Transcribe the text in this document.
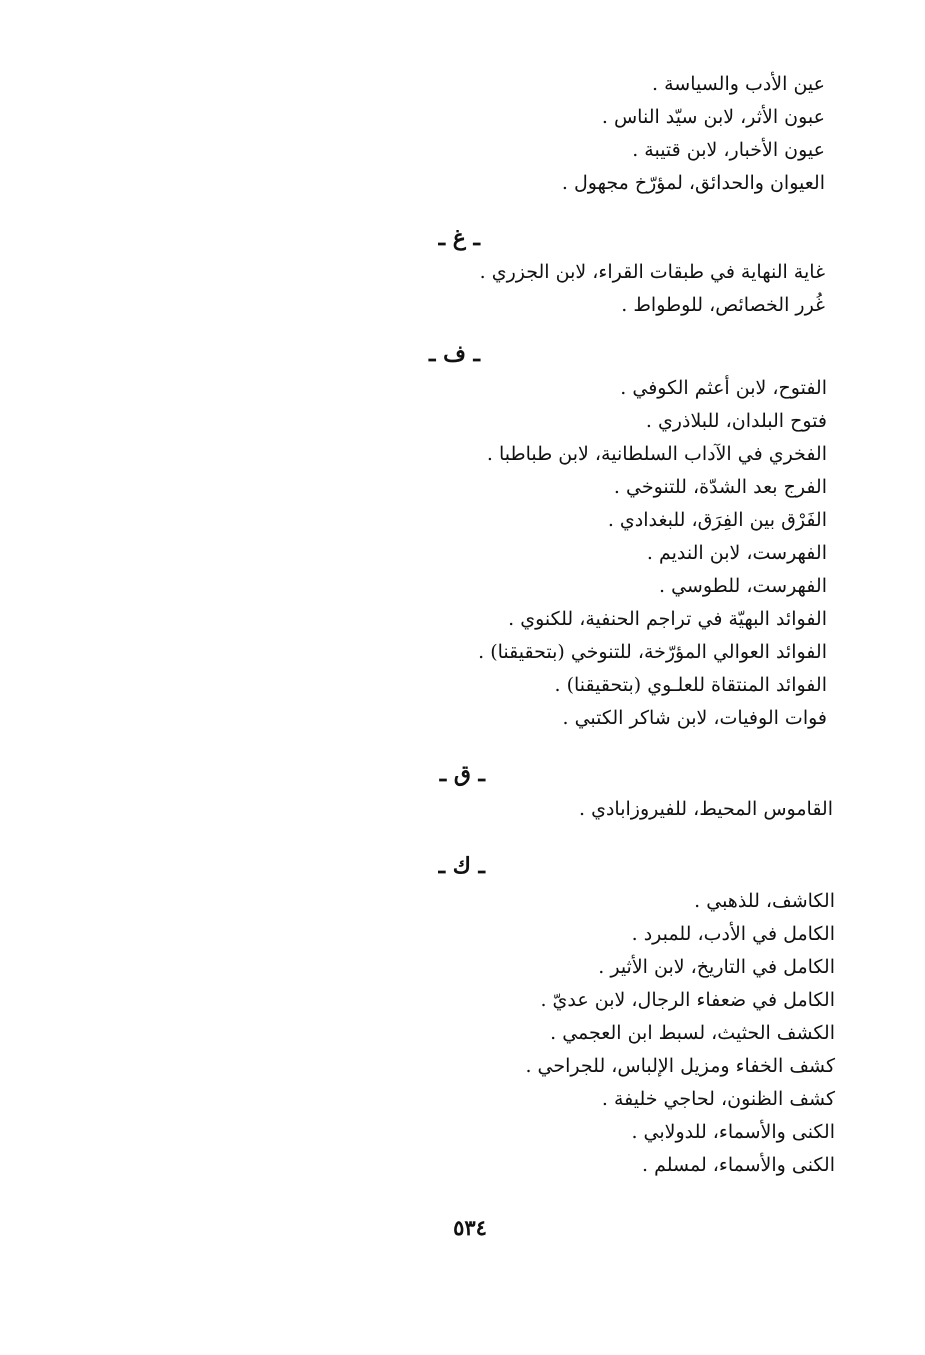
عين الأدب والسياسة .
عبون الأثر، لابن سيّد الناس .
عيون الأخبار، لابن قتيبة .
العيوان والحدائق، لمؤرّخ مجهول .
ـ غ ـ
غاية النهاية في طبقات القراء، لابن الجزري .
غُرر الخصائص، للوطواط .
ـ ف ـ
الفتوح، لابن أعثم الكوفي .
فتوح البلدان، للبلاذري .
الفخري في الآداب السلطانية، لابن طباطبا .
الفرج بعد الشدّة، للتنوخي .
الفَرْق بين الفِرَق، للبغدادي .
الفهرست، لابن النديم .
الفهرست، للطوسي .
الفوائد البهيّة في تراجم الحنفية، للكنوي .
الفوائد العوالي المؤرّخة، للتنوخي (بتحقيقنا) .
الفوائد المنتقاة للعلـوي (بتحقيقنا) .
فوات الوفيات، لابن شاكر الكتبي .
ـ ق ـ
القاموس المحيط، للفيروزابادي .
ـ ك ـ
الكاشف، للذهبي .
الكامل في الأدب، للمبرد .
الكامل في التاريخ، لابن الأثير .
الكامل في ضعفاء الرجال، لابن عديّ .
الكشف الحثيث، لسبط ابن العجمي .
كشف الخفاء ومزيل الإلباس، للجراحي .
كشف الظنون، لحاجي خليفة .
الكنى والأسماء، للدولابي .
الكنى والأسماء، لمسلم .
٥٣٤
